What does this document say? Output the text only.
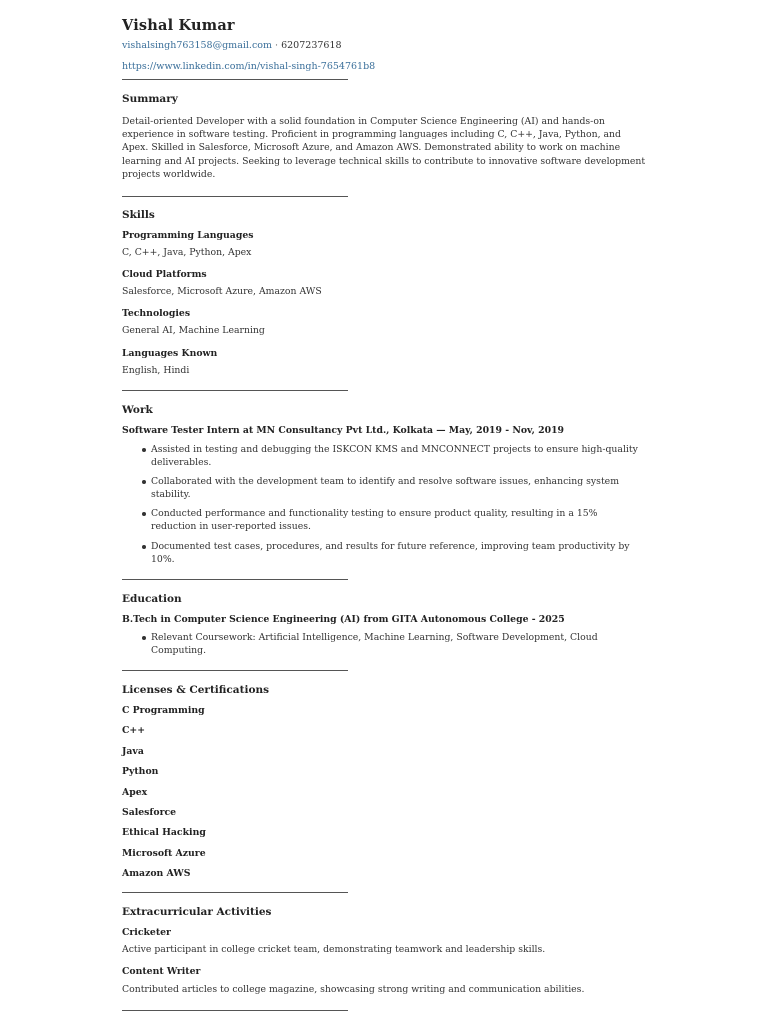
Vishal Kumar
vishalsingh763158@gmail.com · 6207237618
https://www.linkedin.com/in/vishal-singh-7654761b8
Summary
Detail-oriented Developer with a solid foundation in Computer Science Engineering (AI) and hands-on experience in software testing. Proficient in programming languages including C, C++, Java, Python, and Apex. Skilled in Salesforce, Microsoft Azure, and Amazon AWS. Demonstrated ability to work on machine learning and AI projects. Seeking to leverage technical skills to contribute to innovative software development projects worldwide.
Skills
Programming Languages
C, C++, Java, Python, Apex
Cloud Platforms
Salesforce, Microsoft Azure, Amazon AWS
Technologies
General AI, Machine Learning
Languages Known
English, Hindi
Work
Software Tester Intern at MN Consultancy Pvt Ltd., Kolkata — May, 2019 - Nov, 2019
Assisted in testing and debugging the ISKCON KMS and MNCONNECT projects to ensure high-quality deliverables.
Collaborated with the development team to identify and resolve software issues, enhancing system stability.
Conducted performance and functionality testing to ensure product quality, resulting in a 15% reduction in user-reported issues.
Documented test cases, procedures, and results for future reference, improving team productivity by 10%.
Education
B.Tech in Computer Science Engineering (AI) from GITA Autonomous College - 2025
Relevant Coursework: Artificial Intelligence, Machine Learning, Software Development, Cloud Computing.
Licenses & Certifications
C Programming
C++
Java
Python
Apex
Salesforce
Ethical Hacking
Microsoft Azure
Amazon AWS
Extracurricular Activities
Cricketer
Active participant in college cricket team, demonstrating teamwork and leadership skills.
Content Writer
Contributed articles to college magazine, showcasing strong writing and communication abilities.
